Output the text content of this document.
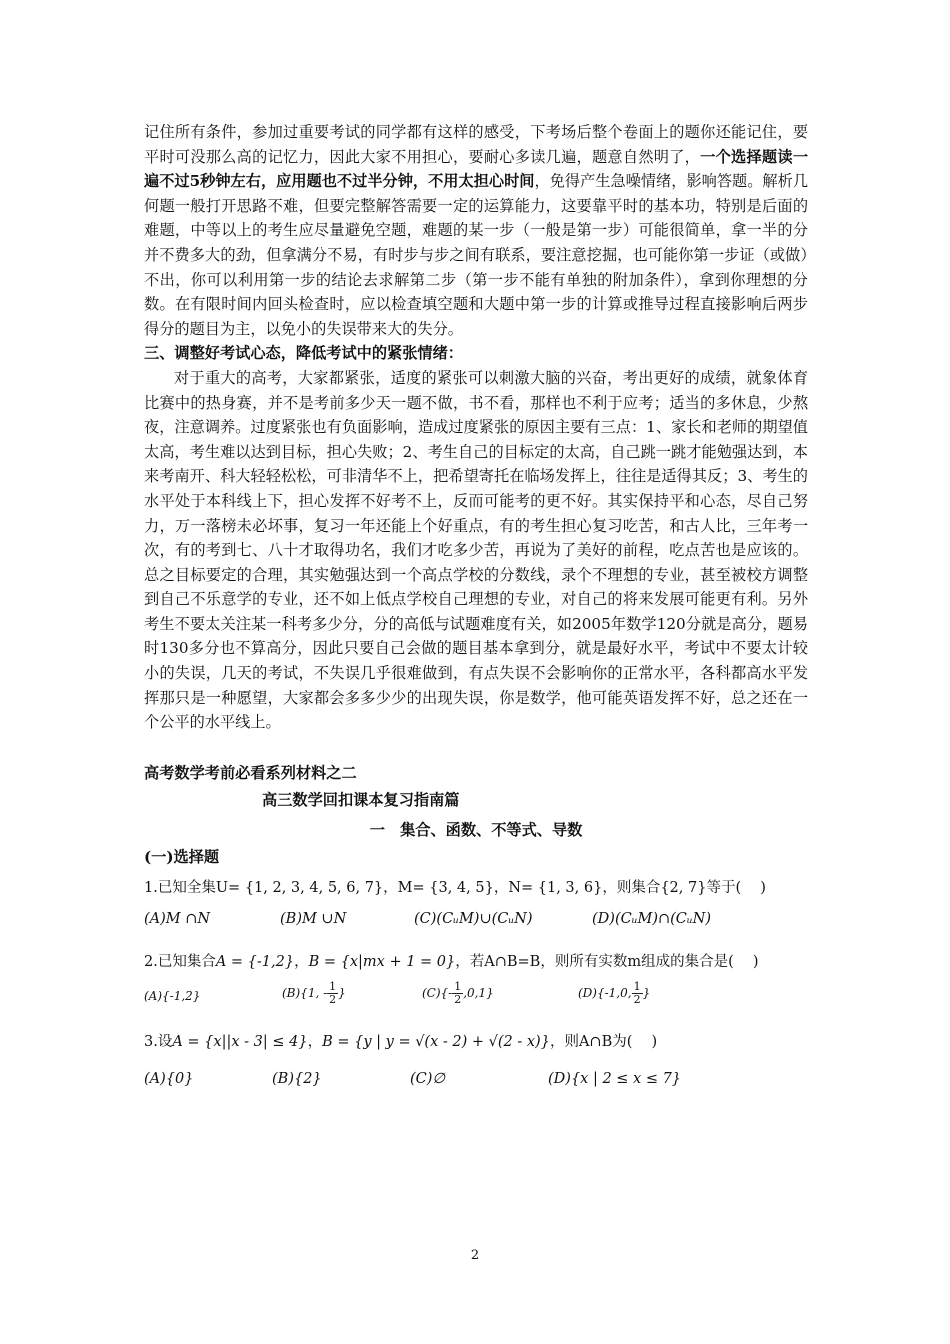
记住所有条件，参加过重要考试的同学都有这样的感受，下考场后整个卷面上的题你还能记住，要平时可没那么高的记忆力，因此大家不用担心，要耐心多读几遍，题意自然明了，一个选择题读一遍不过5秒钟左右，应用题也不过半分钟，不用太担心时间，免得产生急噪情绪，影响答题。解析几何题一般打开思路不难，但要完整解答需要一定的运算能力，这要靠平时的基本功，特别是后面的难题，中等以上的考生应尽量避免空题，难题的某一步（一般是第一步）可能很简单，拿一半的分并不费多大的劲，但拿满分不易，有时步与步之间有联系，要注意挖掘，也可能你第一步证（或做）不出，你可以利用第一步的结论去求解第二步（第一步不能有单独的附加条件），拿到你理想的分数。在有限时间内回头检查时，应以检查填空题和大题中第一步的计算或推导过程直接影响后两步得分的题目为主，以免小的失误带来大的失分。

三、调整好考试心态，降低考试中的紧张情绪：

对于重大的高考，大家都紧张，适度的紧张可以刺激大脑的兴奋，考出更好的成绩，就象体育比赛中的热身赛，并不是考前多少天一题不做，书不看，那样也不利于应考；适当的多休息，少熬夜，注意调养。过度紧张也有负面影响，造成过度紧张的原因主要有三点：1、家长和老师的期望值太高，考生难以达到目标，担心失败；2、考生自己的目标定的太高，自己跳一跳才能勉强达到，本来考南开、科大轻轻松松，可非清华不上，把希望寄托在临场发挥上，往往是适得其反；3、考生的水平处于本科线上下，担心发挥不好考不上，反而可能考的更不好。其实保持平和心态，尽自己努力，万一落榜未必坏事，复习一年还能上个好重点，有的考生担心复习吃苦，和古人比，三年考一次，有的考到七、八十才取得功名，我们才吃多少苦，再说为了美好的前程，吃点苦也是应该的。总之目标要定的合理，其实勉强达到一个高点学校的分数线，录个不理想的专业，甚至被校方调整到自己不乐意学的专业，还不如上低点学校自己理想的专业，对自己的将来发展可能更有利。另外考生不要太关注某一科考多少分，分的高低与试题难度有关，如2005年数学120分就是高分，题易时130多分也不算高分，因此只要自己会做的题目基本拿到分，就是最好水平，考试中不要太计较小的失误，几天的考试，不失误几乎很难做到，有点失误不会影响你的正常水平，各科都高水平发挥那只是一种愿望，大家都会多多少少的出现失误，你是数学，他可能英语发挥不好，总之还在一个公平的水平线上。

高考数学考前必看系列材料之二
高三数学回扣课本复习指南篇
一　集合、函数、不等式、导数
(一)选择题
1.已知全集U= {1, 2, 3, 4, 5, 6, 7}，M= {3, 4, 5}，N= {1, 3, 6}，则集合{2, 7}等于(　 )
(A)M ∩N	(B)M ∪N	(C)(CᵤM)∪(CᵤN)	(D)(CᵤM)∩(CᵤN)
2.已知集合A = {-1,2}，B = {x|mx + 1 = 0}，若A∩B=B，则所有实数m组成的集合是(　 )
(A){-1,2}	(B){1, - $\frac{1}{2}$ }	$(C)\{- \frac{1}{2} ,0,1\}$	(D){-1,0, $\frac{1}{2}$ }
3.设A = {x||x - 3| ≤ 4}，B = {y | y = √(x - 2) + √(2 - x)}，则A∩B为(　 )
(A){0}	(B){2}	(C)∅	(D){x | 2 ≤ x ≤ 7}
2
